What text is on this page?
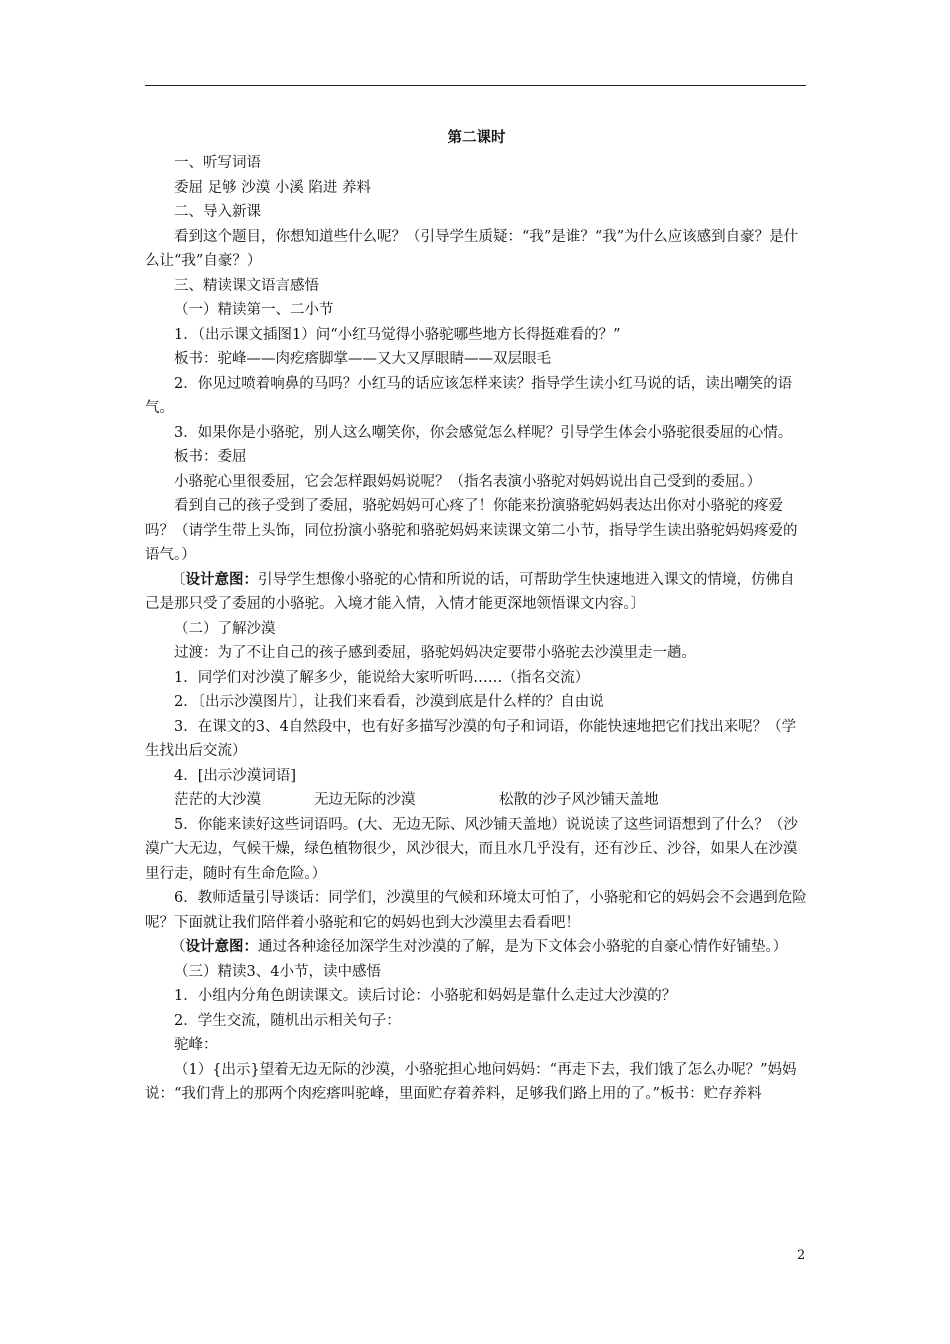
第二课时

一、听写词语

委屈 足够 沙漠 小溪 陷进 养料

二、导入新课

看到这个题目，你想知道些什么呢？（引导学生质疑：“我”是谁？“我”为什么应该感到自豪？是什么让“我”自豪？）

三、精读课文语言感悟

（一）精读第一、二小节

1．（出示课文插图1）问“小红马觉得小骆驼哪些地方长得挺难看的？”

板书：驼峰——肉疙瘩脚掌——又大又厚眼睛——双层眼毛

2．你见过喷着响鼻的马吗？小红马的话应该怎样来读？指导学生读小红马说的话，读出嘲笑的语气。

3．如果你是小骆驼，别人这么嘲笑你，你会感觉怎么样呢？引导学生体会小骆驼很委屈的心情。

板书：委屈

小骆驼心里很委屈，它会怎样跟妈妈说呢？（指名表演小骆驼对妈妈说出自己受到的委屈。）

看到自己的孩子受到了委屈，骆驼妈妈可心疼了！你能来扮演骆驼妈妈表达出你对小骆驼的疼爱吗？（请学生带上头饰，同位扮演小骆驼和骆驼妈妈来读课文第二小节，指导学生读出骆驼妈妈疼爱的语气。）

〔设计意图：引导学生想像小骆驼的心情和所说的话，可帮助学生快速地进入课文的情境，仿佛自己是那只受了委屈的小骆驼。入境才能入情，入情才能更深地领悟课文内容。〕

（二）了解沙漠

过渡：为了不让自己的孩子感到委屈，骆驼妈妈决定要带小骆驼去沙漠里走一趟。

1．同学们对沙漠了解多少，能说给大家听听吗……（指名交流）

2．〔出示沙漠图片〕，让我们来看看，沙漠到底是什么样的？自由说

3．在课文的3、4自然段中，也有好多描写沙漠的句子和词语，你能快速地把它们找出来呢？（学生找出后交流）

4．[出示沙漠词语]

茫茫的大沙漠	无边无际的沙漠	松散的沙子风沙铺天盖地

5．你能来读好这些词语吗。(大、无边无际、风沙铺天盖地）说说读了这些词语想到了什么？（沙漠广大无边，气候干燥，绿色植物很少，风沙很大，而且水几乎没有，还有沙丘、沙谷，如果人在沙漠里行走，随时有生命危险。）

6．教师适量引导谈话：同学们，沙漠里的气候和环境太可怕了，小骆驼和它的妈妈会不会遇到危险呢？下面就让我们陪伴着小骆驼和它的妈妈也到大沙漠里去看看吧！

（设计意图：通过各种途径加深学生对沙漠的了解，是为下文体会小骆驼的自豪心情作好铺垫。）

（三）精读3、4小节，读中感悟

1．小组内分角色朗读课文。读后讨论：小骆驼和妈妈是靠什么走过大沙漠的？

2．学生交流，随机出示相关句子：

驼峰：

（1）{出示}望着无边无际的沙漠，小骆驼担心地问妈妈：“再走下去，我们饿了怎么办呢？”妈妈说：“我们背上的那两个肉疙瘩叫驼峰，里面贮存着养料，足够我们路上用的了。”板书：贮存养料

2
